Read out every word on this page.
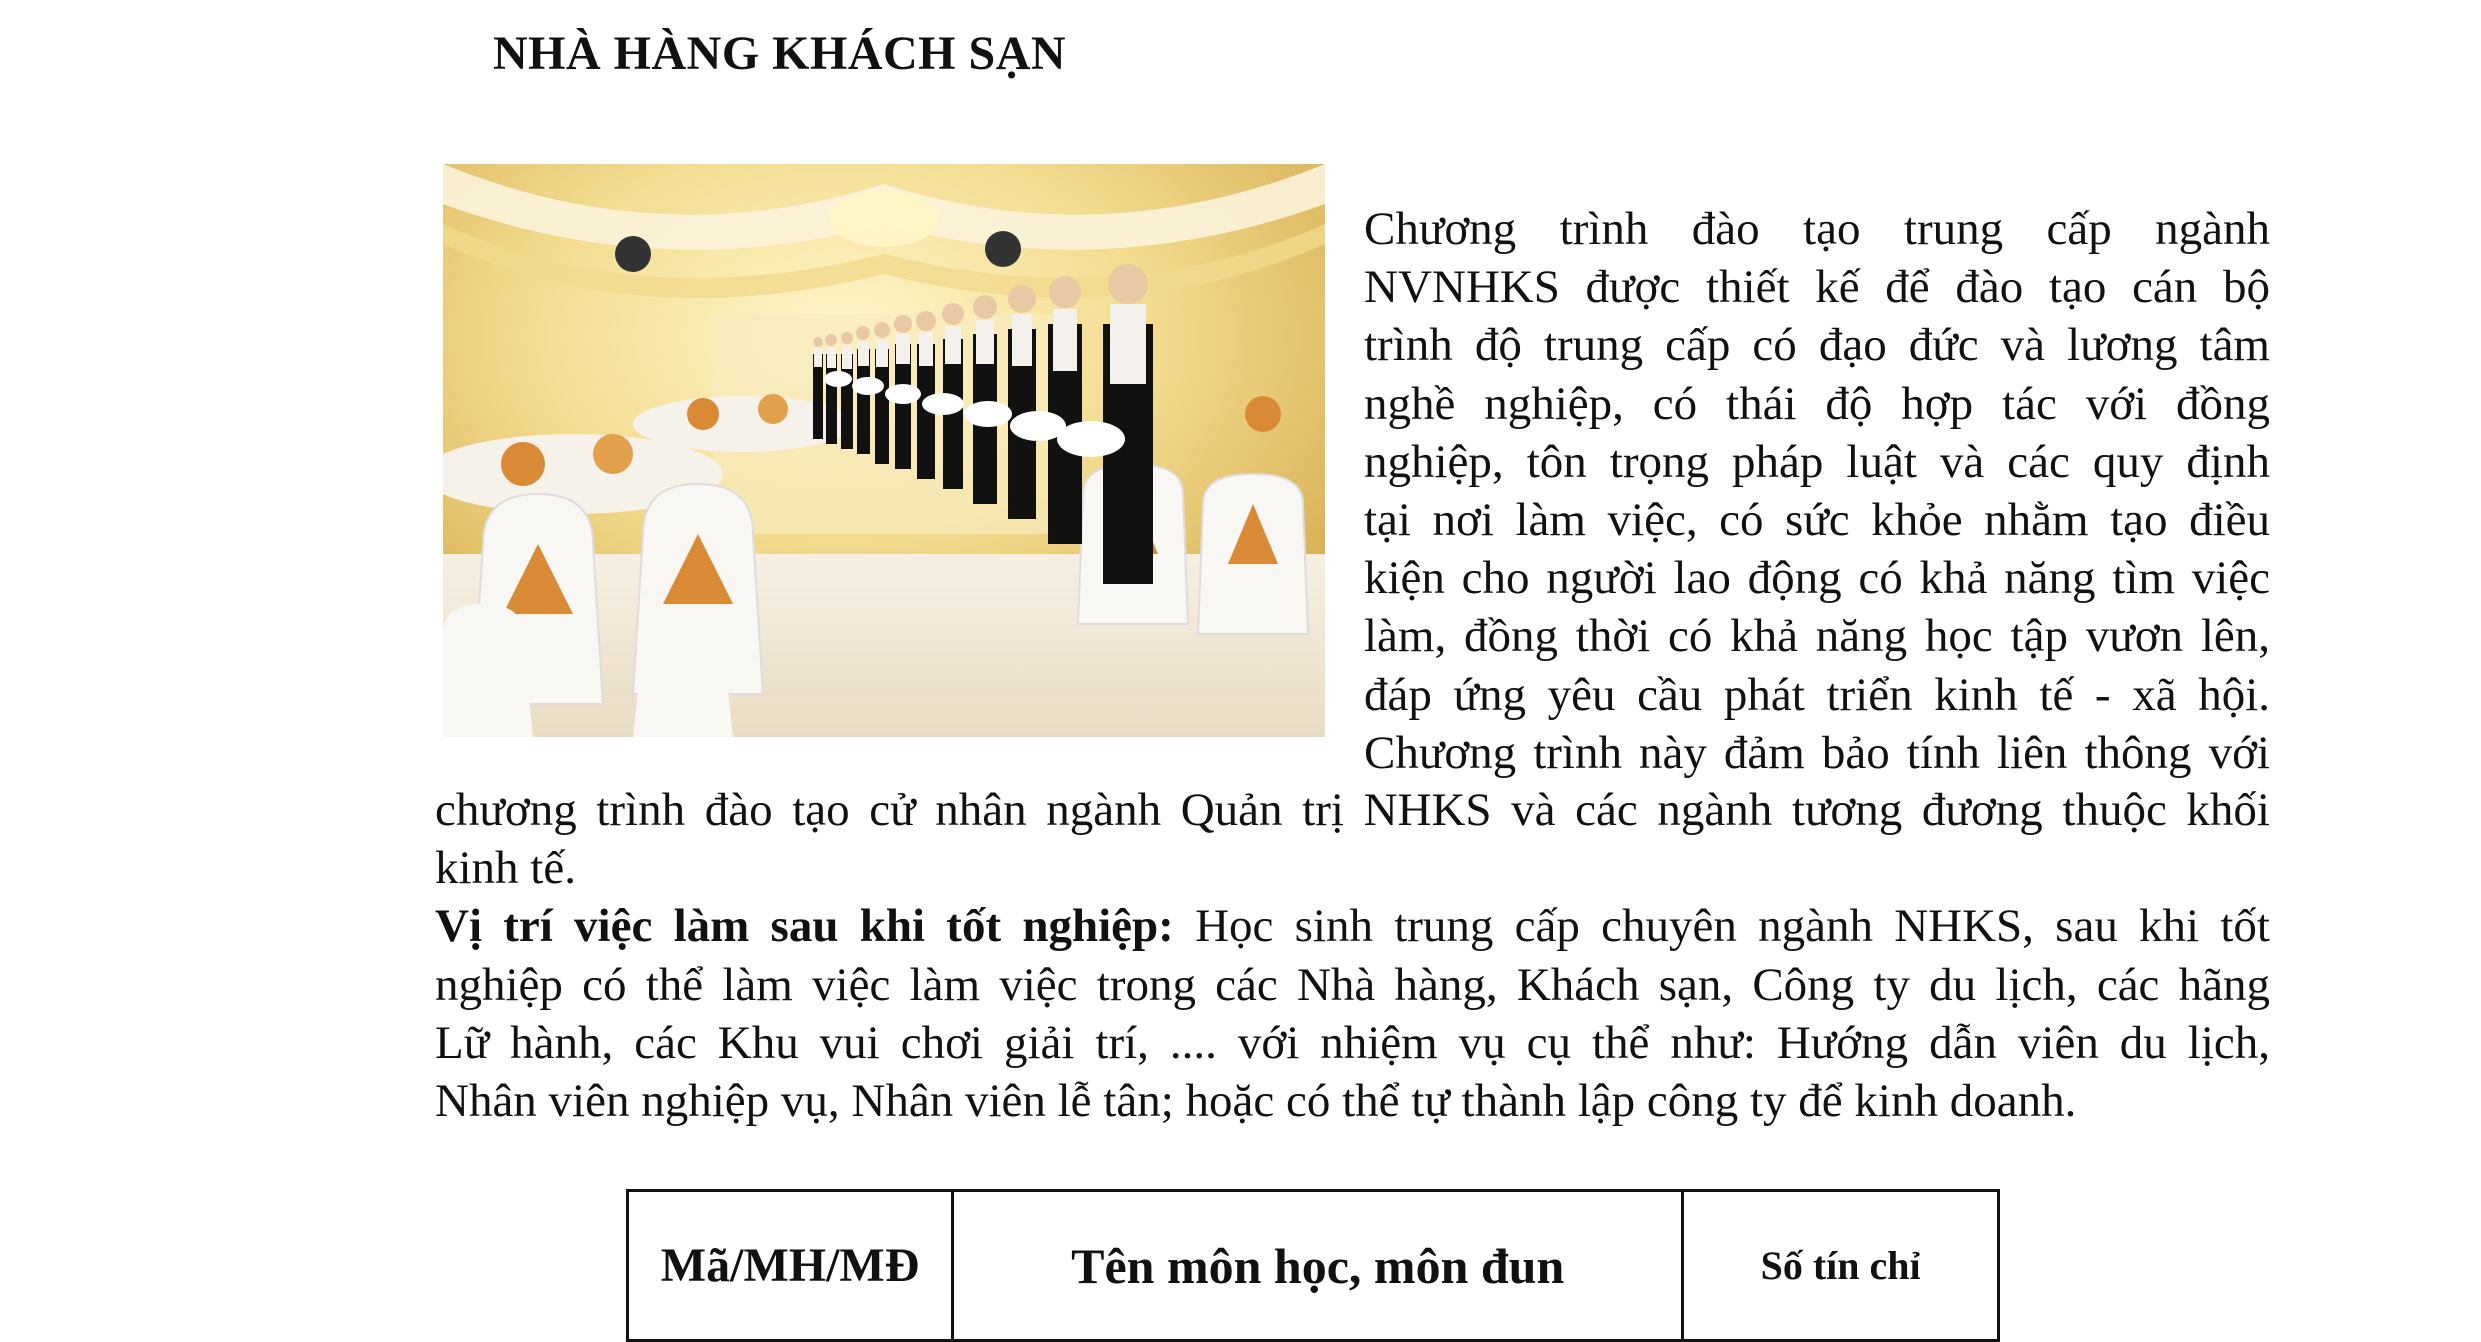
NHÀ HÀNG KHÁCH SẠN
Chương trình đào tạo trung cấp ngành
NVNHKS được thiết kế để đào tạo cán bộ
trình độ trung cấp có đạo đức và lương tâm
nghề nghiệp, có thái độ hợp tác với đồng
nghiệp, tôn trọng pháp luật và các quy định
tại nơi làm việc, có sức khỏe nhằm tạo điều
kiện cho người lao động có khả năng tìm việc
làm, đồng thời có khả năng học tập vươn lên,
đáp ứng yêu cầu phát triển kinh tế - xã hội.
Chương trình này đảm bảo tính liên thông với
chương trình đào tạo cử nhân ngành Quản trị NHKS và các ngành tương đương thuộc khối
kinh tế.
Vị trí việc làm sau khi tốt nghiệp: Học sinh trung cấp chuyên ngành NHKS, sau khi tốt
nghiệp có thể làm việc làm việc trong các Nhà hàng, Khách sạn, Công ty du lịch, các hãng
Lữ hành, các Khu vui chơi giải trí, .... với nhiệm vụ cụ thể như: Hướng dẫn viên du lịch,
Nhân viên nghiệp vụ, Nhân viên lễ tân; hoặc có thể tự thành lập công ty để kinh doanh.
Mã/MH/MĐ	Tên môn học, môn đun	Số tín chỉ
